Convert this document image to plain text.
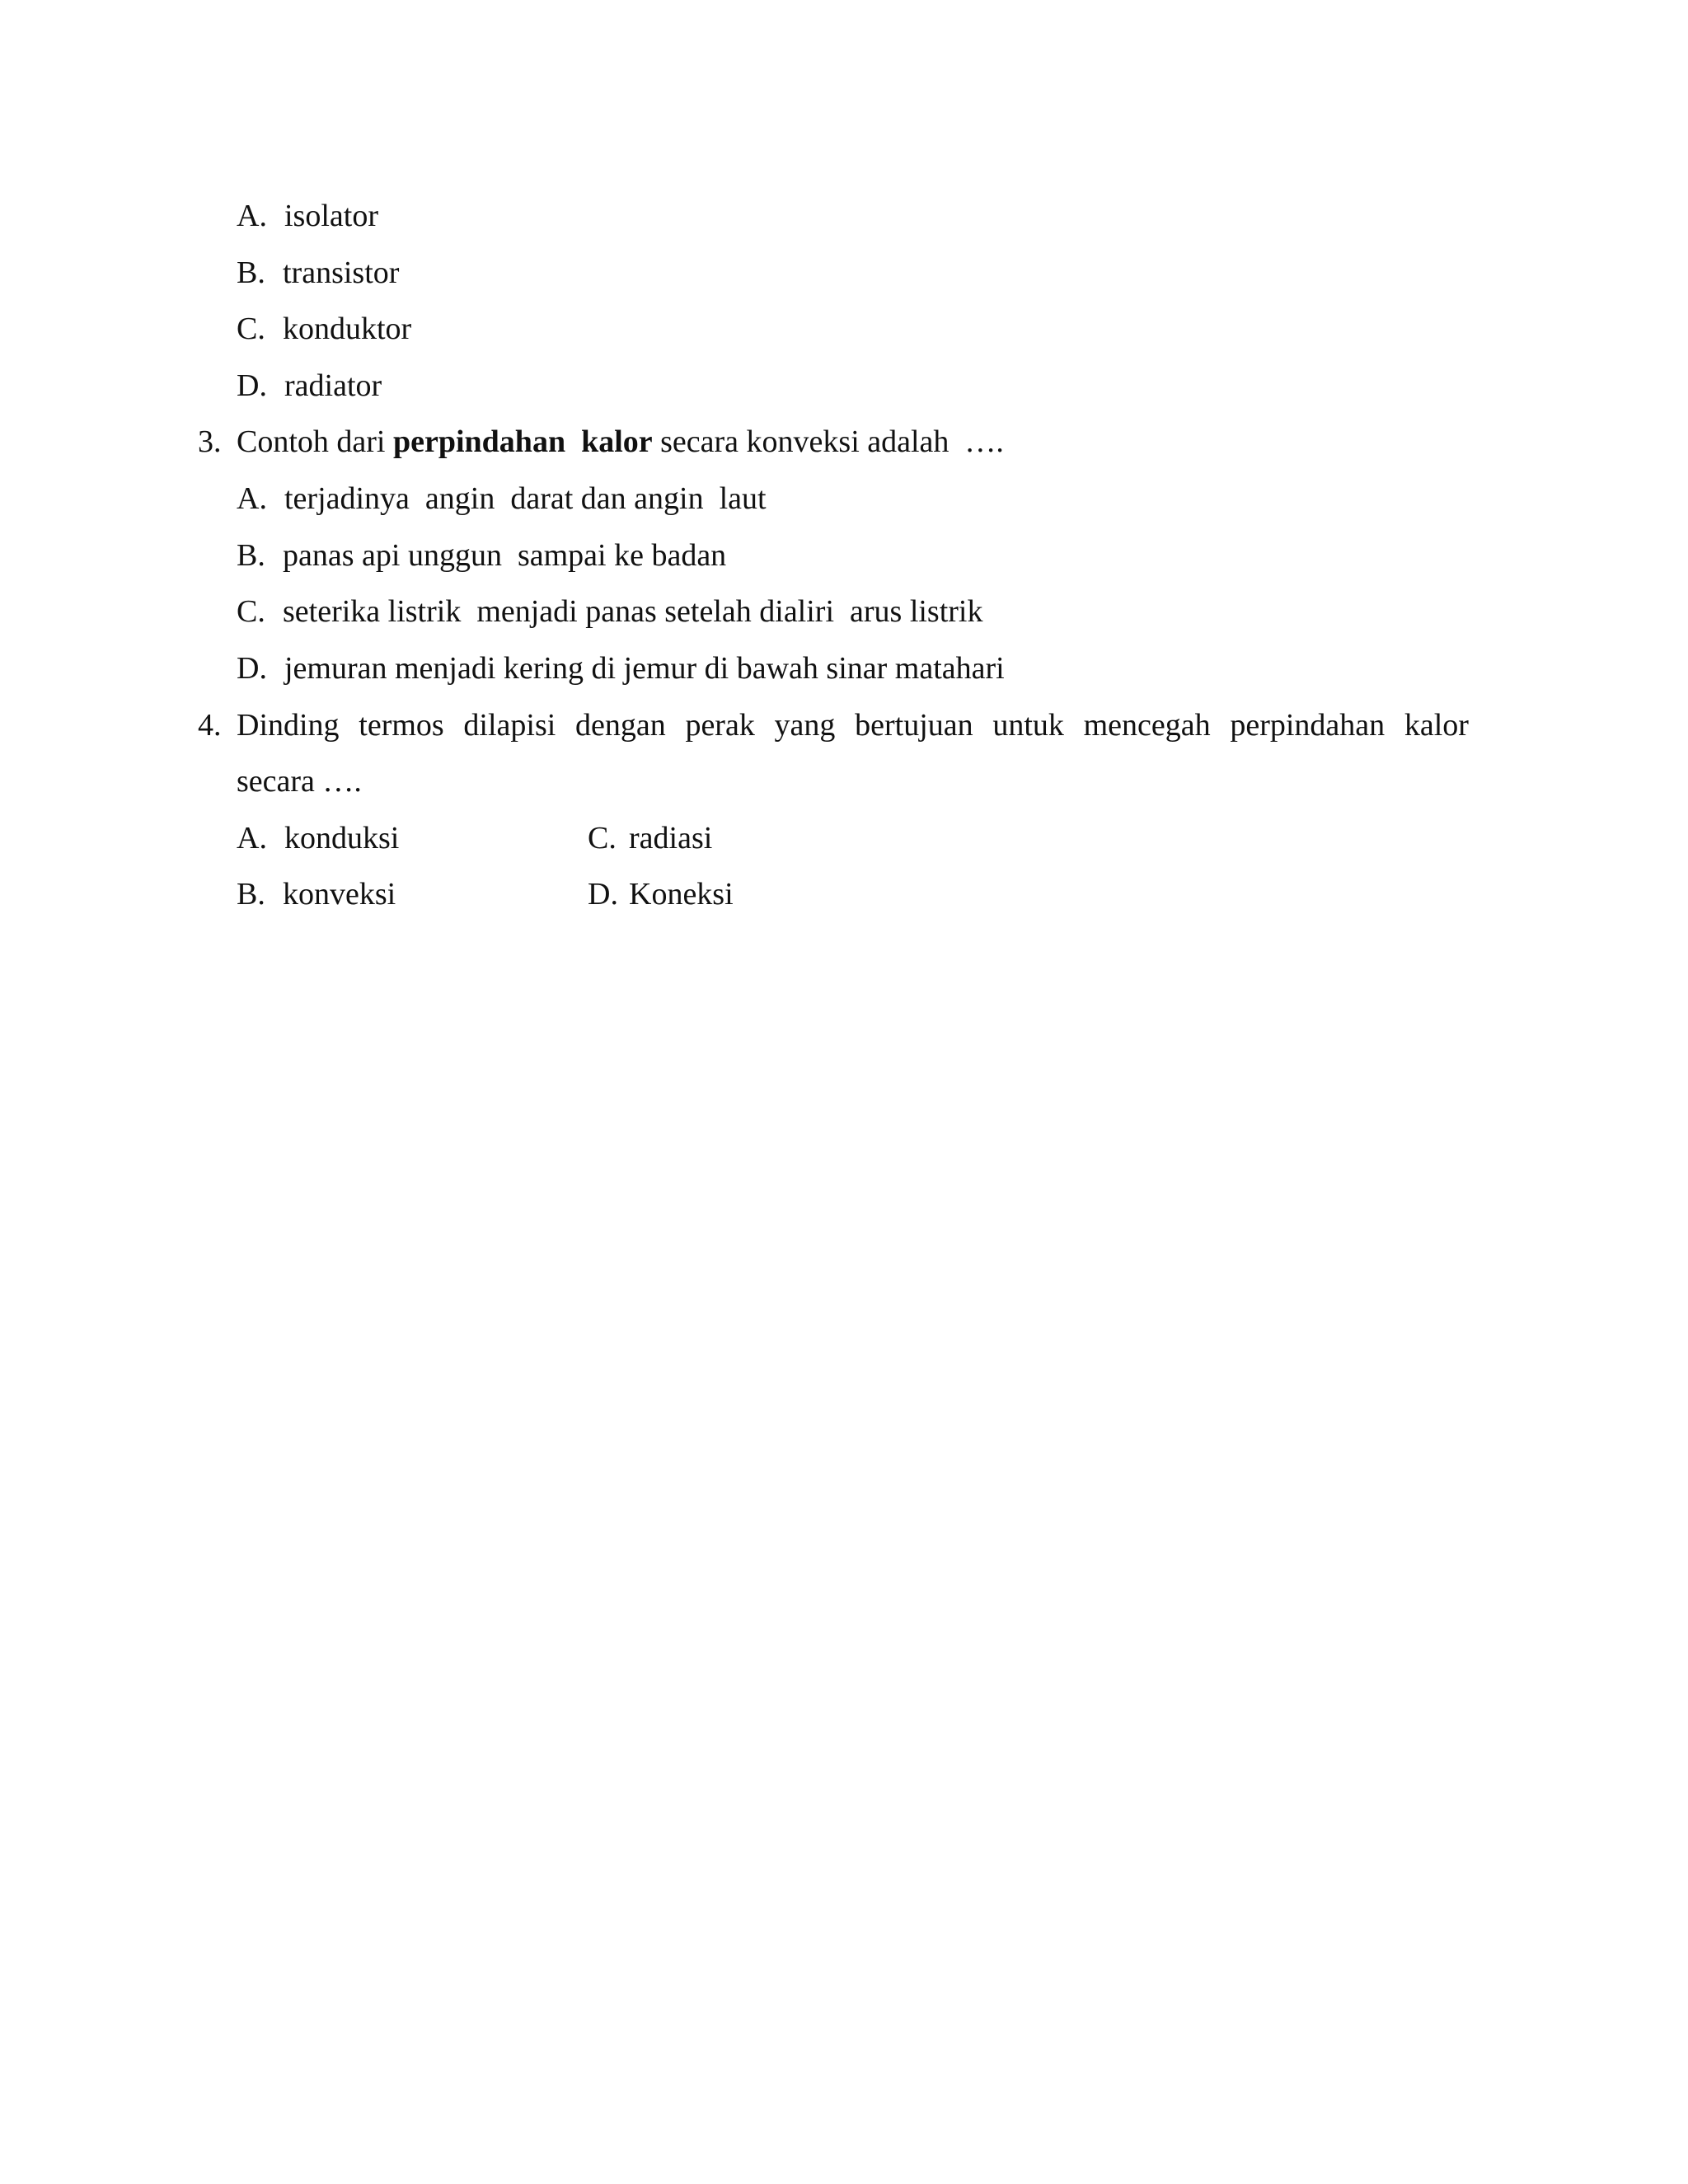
A. isolator
B. transistor
C. konduktor
D. radiator
3. Contoh dari perpindahan  kalor secara konveksi adalah  ….
A. terjadinya  angin  darat dan angin  laut
B. panas api unggun  sampai ke badan
C. seterika listrik  menjadi panas setelah dialiri  arus listrik
D. jemuran menjadi kering di jemur di bawah sinar matahari
4. Dinding termos dilapisi dengan perak yang bertujuan untuk mencegah perpindahan kalor
secara ….
A. konduksi
B. konveksi
C. radiasi
D. Koneksi
